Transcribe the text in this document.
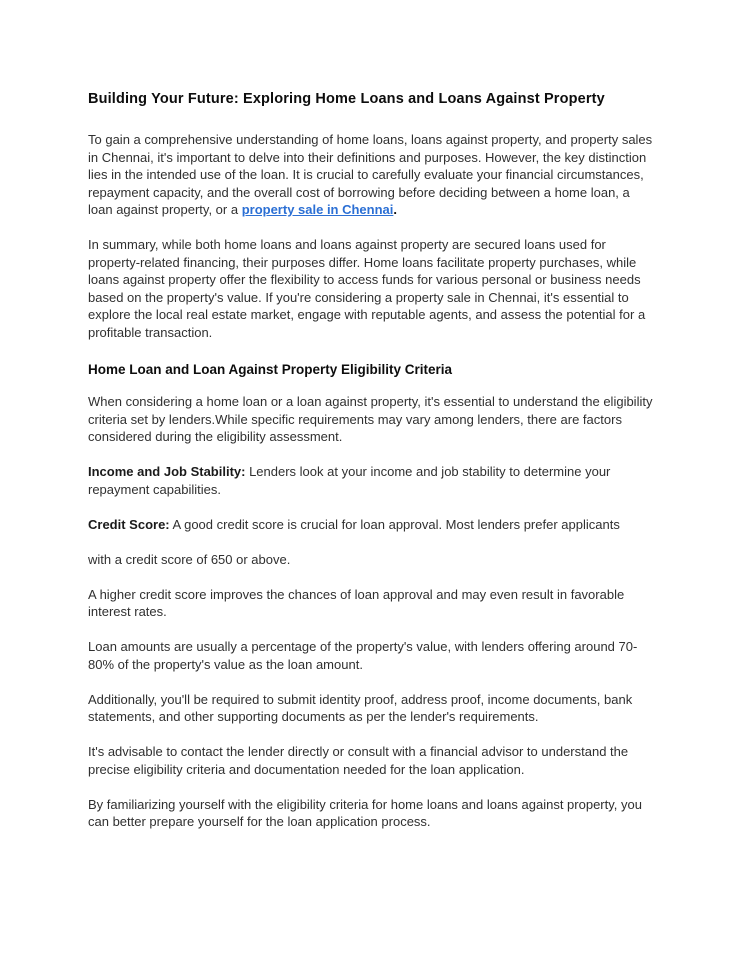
Building Your Future: Exploring Home Loans and Loans Against Property

To gain a comprehensive understanding of home loans, loans against property, and property sales in Chennai, it's important to delve into their definitions and purposes. However, the key distinction lies in the intended use of the loan. It is crucial to carefully evaluate your financial circumstances, repayment capacity, and the overall cost of borrowing before deciding between a home loan, a loan against property, or a property sale in Chennai.

In summary, while both home loans and loans against property are secured loans used for property-related financing, their purposes differ. Home loans facilitate property purchases, while loans against property offer the flexibility to access funds for various personal or business needs based on the property's value. If you're considering a property sale in Chennai, it's essential to explore the local real estate market, engage with reputable agents, and assess the potential for a profitable transaction.

Home Loan and Loan Against Property Eligibility Criteria

When considering a home loan or a loan against property, it's essential to understand the eligibility criteria set by lenders.While specific requirements may vary among lenders, there are factors considered during the eligibility assessment.

Income and Job Stability: Lenders look at your income and job stability to determine your repayment capabilities.

Credit Score: A good credit score is crucial for loan approval. Most lenders prefer applicants

with a credit score of 650 or above.

A higher credit score improves the chances of loan approval and may even result in favorable interest rates.

Loan amounts are usually a percentage of the property's value, with lenders offering around 70-80% of the property's value as the loan amount.

Additionally, you'll be required to submit identity proof, address proof, income documents, bank statements, and other supporting documents as per the lender's requirements.

It's advisable to contact the lender directly or consult with a financial advisor to understand the precise eligibility criteria and documentation needed for the loan application.

By familiarizing yourself with the eligibility criteria for home loans and loans against property, you can better prepare yourself for the loan application process.
